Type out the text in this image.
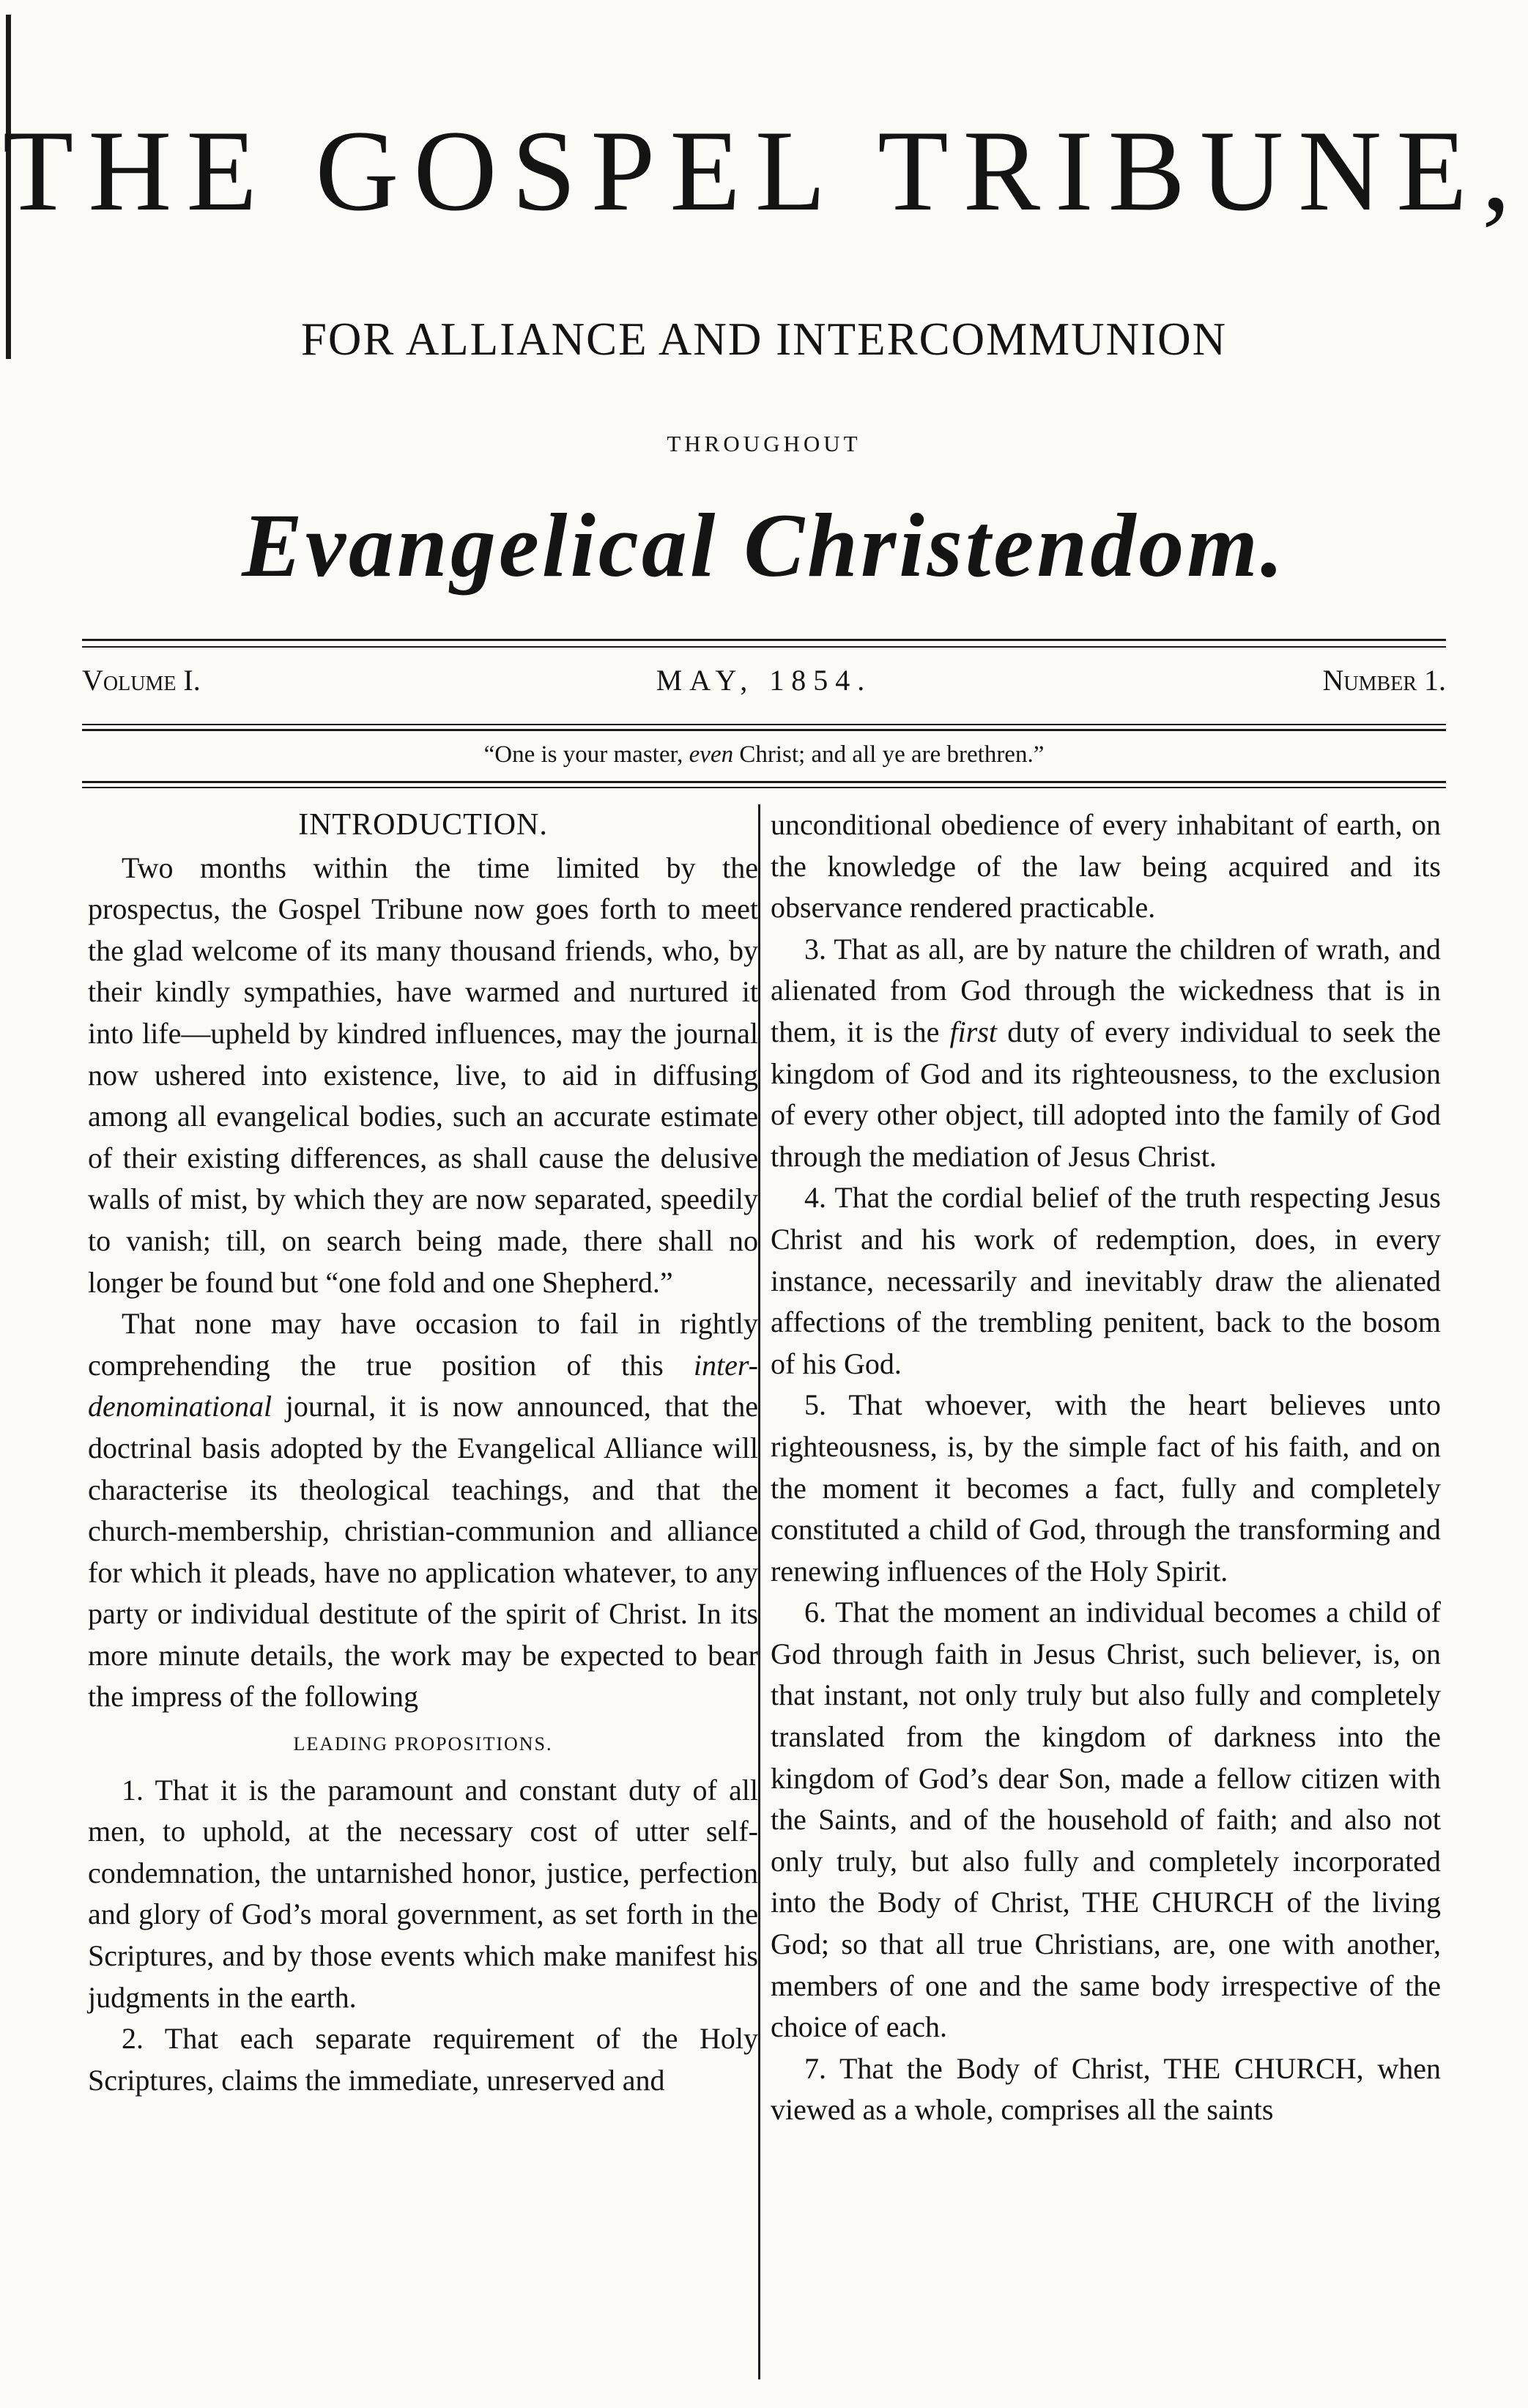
THE GOSPEL TRIBUNE,
FOR ALLIANCE AND INTERCOMMUNION
THROUGHOUT
Evangelical Christendom.
Volume I.	MAY, 1854.	Number 1.
“One is your master, even Christ; and all ye are brethren.”

INTRODUCTION.

Two months within the time limited by the prospectus, the Gospel Tribune now goes forth to meet the glad welcome of its many thousand friends, who, by their kindly sympathies, have warmed and nurtured it into life—upheld by kindred influences, may the journal now ushered into existence, live, to aid in diffusing among all evangelical bodies, such an accurate estimate of their existing differences, as shall cause the delusive walls of mist, by which they are now separated, speedily to vanish; till, on search being made, there shall no longer be found but “one fold and one Shepherd.”

That none may have occasion to fail in rightly comprehending the true position of this inter-denominational journal, it is now announced, that the doctrinal basis adopted by the Evangelical Alliance will characterise its theological teachings, and that the church-membership, christian-communion and alliance for which it pleads, have no application whatever, to any party or individual destitute of the spirit of Christ. In its more minute details, the work may be expected to bear the impress of the following

LEADING PROPOSITIONS.

1. That it is the paramount and constant duty of all men, to uphold, at the necessary cost of utter self-condemnation, the untarnished honor, justice, perfection and glory of God’s moral government, as set forth in the Scriptures, and by those events which make manifest his judgments in the earth.

2. That each separate requirement of the Holy Scriptures, claims the immediate, unreserved and

unconditional obedience of every inhabitant of earth, on the knowledge of the law being acquired and its observance rendered practicable.

3. That as all, are by nature the children of wrath, and alienated from God through the wickedness that is in them, it is the first duty of every individual to seek the kingdom of God and its righteousness, to the exclusion of every other object, till adopted into the family of God through the mediation of Jesus Christ.

4. That the cordial belief of the truth respecting Jesus Christ and his work of redemption, does, in every instance, necessarily and inevitably draw the alienated affections of the trembling penitent, back to the bosom of his God.

5. That whoever, with the heart believes unto righteousness, is, by the simple fact of his faith, and on the moment it becomes a fact, fully and completely constituted a child of God, through the transforming and renewing influences of the Holy Spirit.

6. That the moment an individual becomes a child of God through faith in Jesus Christ, such believer, is, on that instant, not only truly but also fully and completely translated from the kingdom of darkness into the kingdom of God’s dear Son, made a fellow citizen with the Saints, and of the household of faith; and also not only truly, but also fully and completely incorporated into the Body of Christ, THE CHURCH of the living God; so that all true Christians, are, one with another, members of one and the same body irrespective of the choice of each.

7. That the Body of Christ, THE CHURCH, when viewed as a whole, comprises all the saints
